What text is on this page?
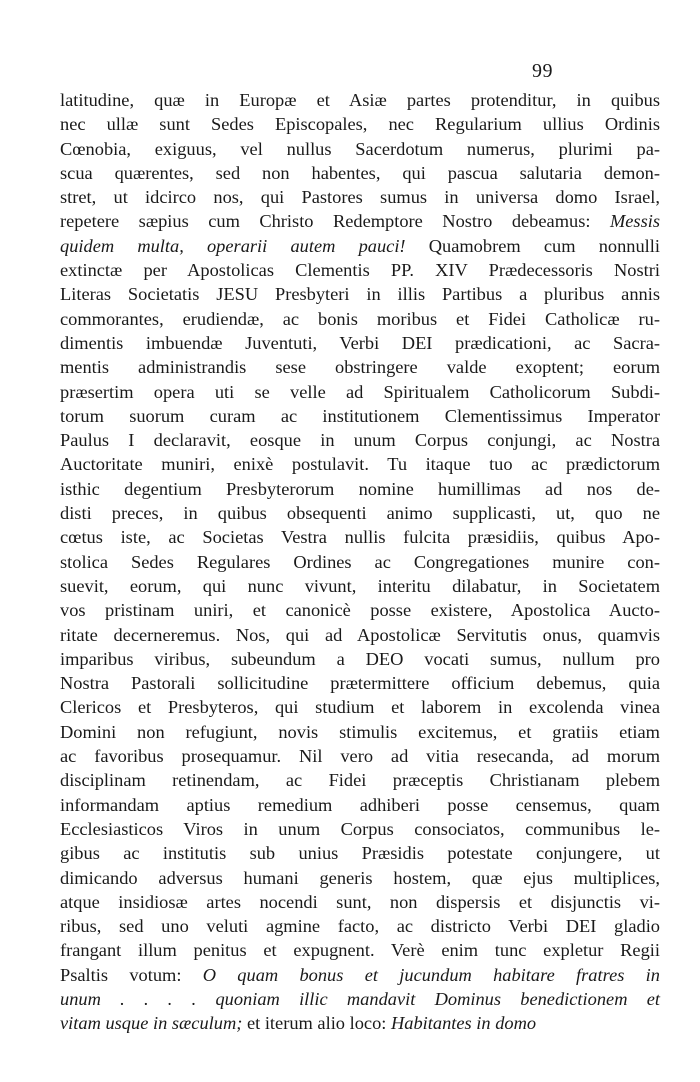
99
latitudine, quæ in Europæ et Asiæ partes protenditur, in quibus
nec ullæ sunt Sedes Episcopales, nec Regularium ullius Ordinis
Cœnobia, exiguus, vel nullus Sacerdotum numerus, plurimi pa-
scua quærentes, sed non habentes, qui pascua salutaria demon-
stret, ut idcirco nos, qui Pastores sumus in universa domo Israel,
repetere sæpius cum Christo Redemptore Nostro debeamus: Messis
quidem multa, operarii autem pauci! Quamobrem cum nonnulli
extinctæ per Apostolicas Clementis PP. XIV Prædecessoris Nostri
Literas Societatis JESU Presbyteri in illis Partibus a pluribus annis
commorantes, erudiendæ, ac bonis moribus et Fidei Catholicæ ru-
dimentis imbuendæ Juventuti, Verbi DEI prædicationi, ac Sacra-
mentis administrandis sese obstringere valde exoptent; eorum
præsertim opera uti se velle ad Spiritualem Catholicorum Subdi-
torum suorum curam ac institutionem Clementissimus Imperator
Paulus I declaravit, eosque in unum Corpus conjungi, ac Nostra
Auctoritate muniri, enixè postulavit. Tu itaque tuo ac prædictorum
isthic degentium Presbyterorum nomine humillimas ad nos de-
disti preces, in quibus obsequenti animo supplicasti, ut, quo ne
cœtus iste, ac Societas Vestra nullis fulcita præsidiis, quibus Apo-
stolica Sedes Regulares Ordines ac Congregationes munire con-
suevit, eorum, qui nunc vivunt, interitu dilabatur, in Societatem
vos pristinam uniri, et canonicè posse existere, Apostolica Aucto-
ritate decerneremus. Nos, qui ad Apostolicæ Servitutis onus, quamvis
imparibus viribus, subeundum a DEO vocati sumus, nullum pro
Nostra Pastorali sollicitudine prætermittere officium debemus, quia
Clericos et Presbyteros, qui studium et laborem in excolenda vinea
Domini non refugiunt, novis stimulis excitemus, et gratiis etiam
ac favoribus prosequamur. Nil vero ad vitia resecanda, ad morum
disciplinam retinendam, ac Fidei præceptis Christianam plebem
informandam aptius remedium adhiberi posse censemus, quam
Ecclesiasticos Viros in unum Corpus consociatos, communibus le-
gibus ac institutis sub unius Præsidis potestate conjungere, ut
dimicando adversus humani generis hostem, quæ ejus multiplices,
atque insidiosæ artes nocendi sunt, non dispersis et disjunctis vi-
ribus, sed uno veluti agmine facto, ac districto Verbi DEI gladio
frangant illum penitus et expugnent. Verè enim tunc expletur Regii
Psaltis votum: O quam bonus et jucundum habitare fratres in
unum . . . . quoniam illic mandavit Dominus benedictionem et
vitam usque in sæculum; et iterum alio loco: Habitantes in domo
